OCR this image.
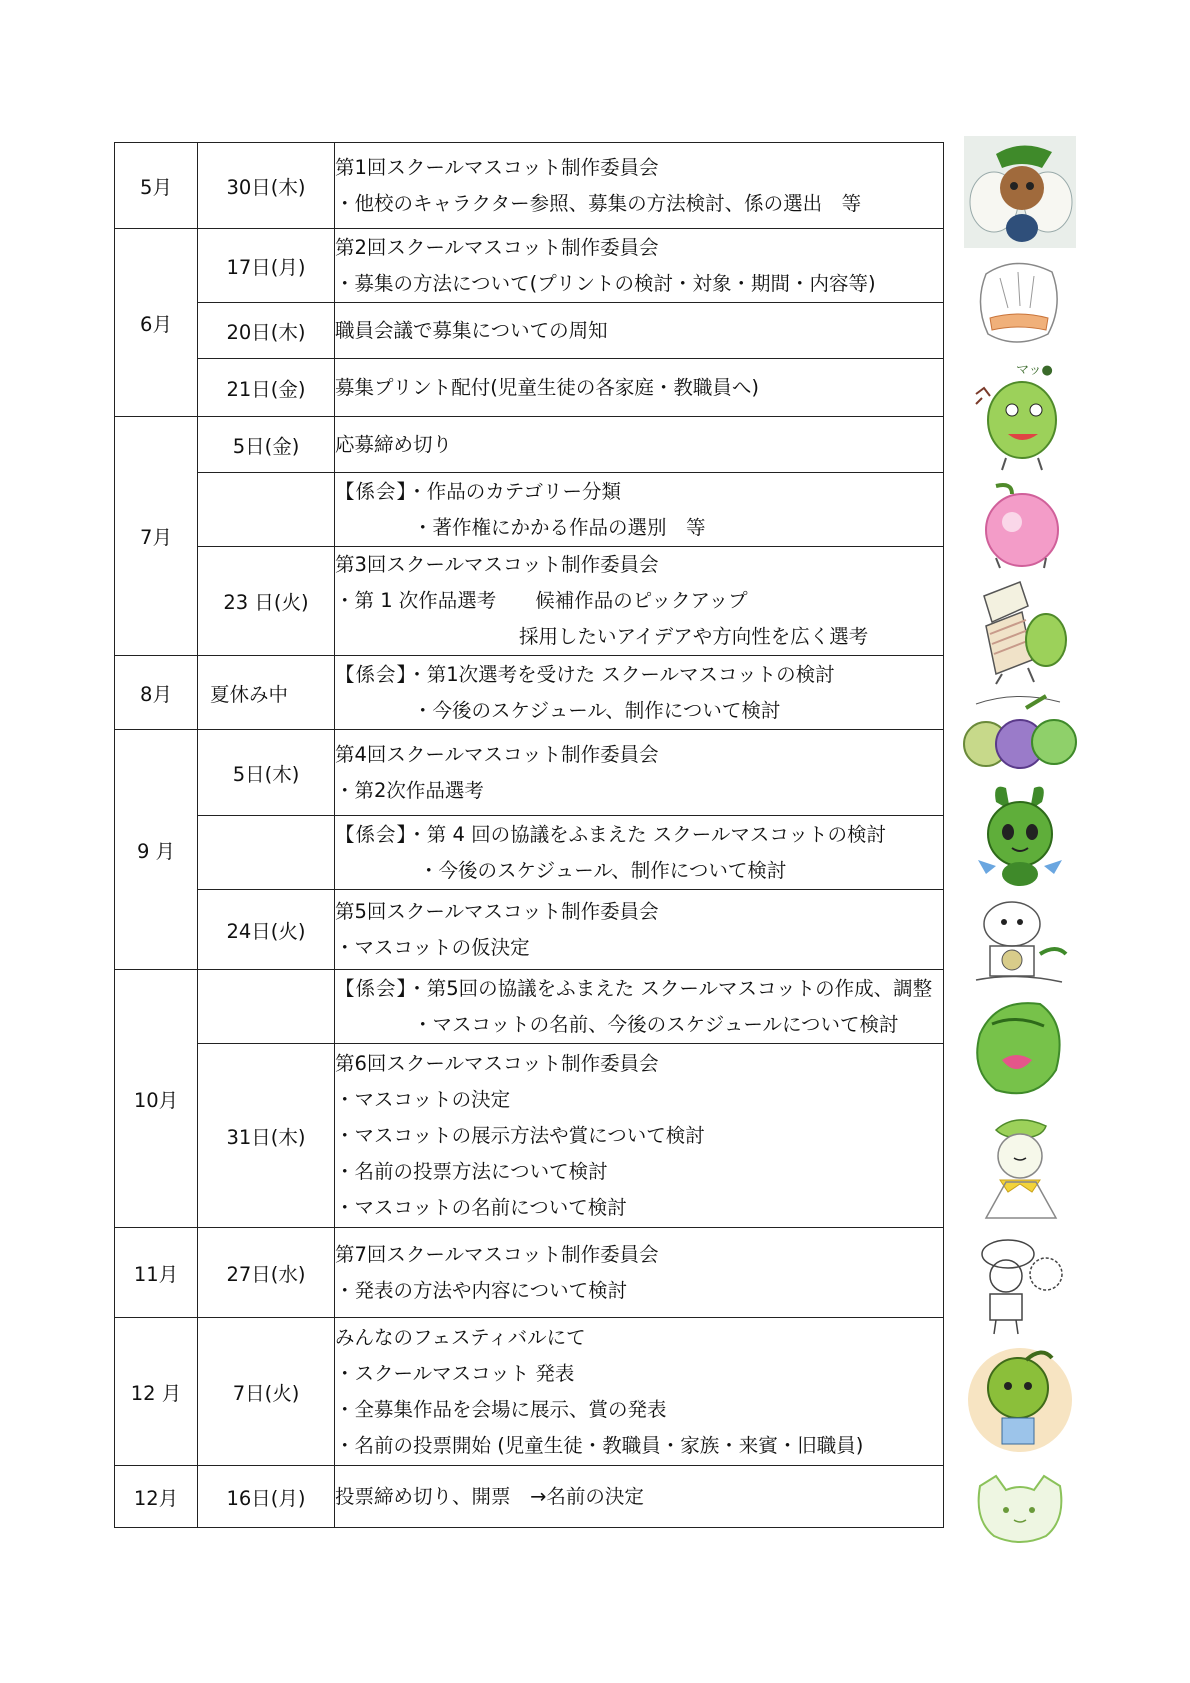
5月	30日(木)	第1回スクールマスコット制作委員会
・他校のキャラクター参照、募集の方法検討、係の選出　等

6月	17日(月)	第2回スクールマスコット制作委員会
・募集の方法について(プリントの検討・対象・期間・内容等)

	20日(木)	職員会議で募集についての周知

	21日(金)	募集プリント配付(児童生徒の各家庭・教職員へ)

7月	5日(金)	応募締め切り

		【係会】・作品のカテゴリー分類
・著作権にかかる作品の選別　等

	23 日(火)	第3回スクールマスコット制作委員会
・第 1 次作品選考　　候補作品のピックアップ
採用したいアイデアや方向性を広く選考

8月	夏休み中	【係会】・第1次選考を受けた スクールマスコットの検討
・今後のスケジュール、制作について検討

9 月	5日(木)	第4回スクールマスコット制作委員会
・第2次作品選考

		【係会】・第 4 回の協議をふまえた スクールマスコットの検討
・今後のスケジュール、制作について検討

	24日(火)	第5回スクールマスコット制作委員会
・マスコットの仮決定

10月		【係会】・第5回の協議をふまえた スクールマスコットの作成、調整
・マスコットの名前、今後のスケジュールについて検討

	31日(木)	第6回スクールマスコット制作委員会
・マスコットの決定
・マスコットの展示方法や賞について検討
・名前の投票方法について検討
・マスコットの名前について検討

11月	27日(水)	第7回スクールマスコット制作委員会
・発表の方法や内容について検討

12 月	7日(火)	みんなのフェスティバルにて
・スクールマスコット 発表
・全募集作品を会場に展示、賞の発表
・名前の投票開始 (児童生徒・教職員・家族・来賓・旧職員)

12月	16日(月)	投票締め切り、開票　→名前の決定
マッ●
